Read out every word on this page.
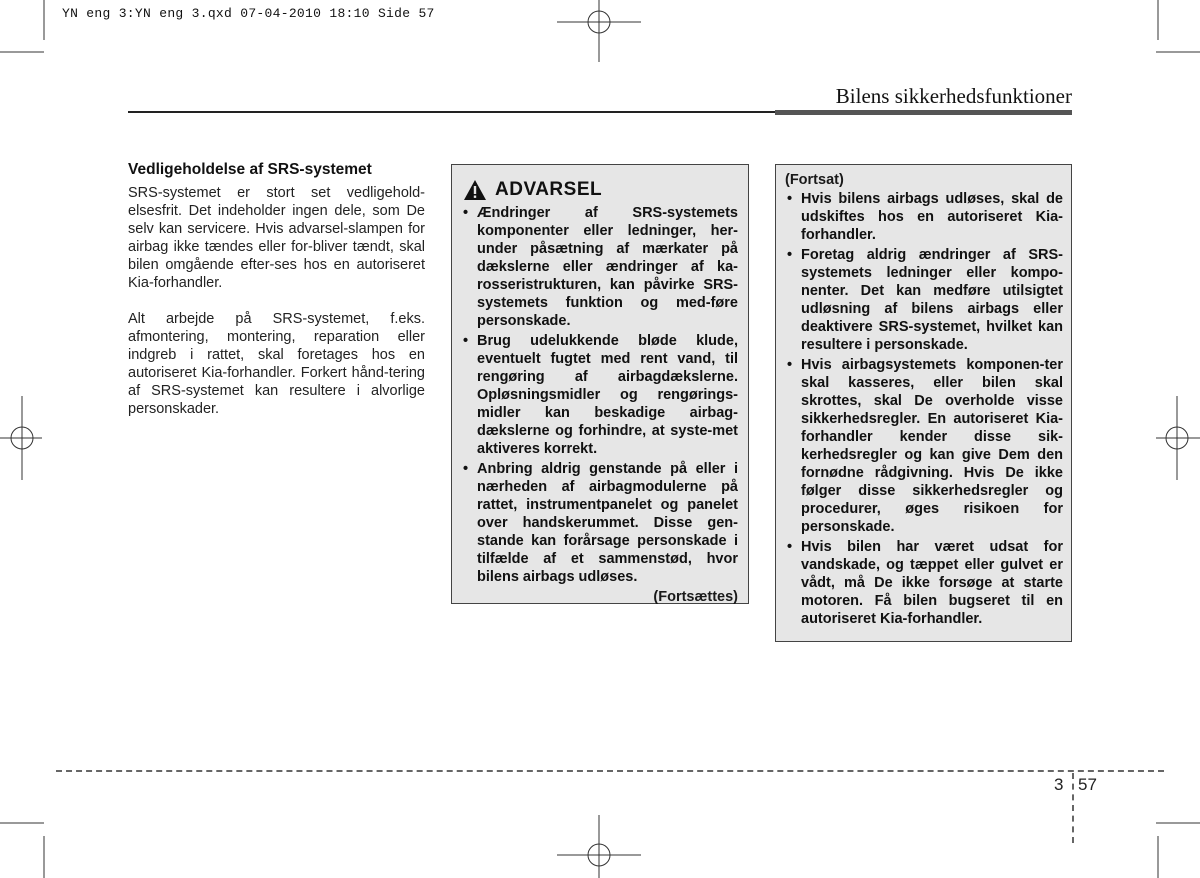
YN eng 3:YN eng 3.qxd 07-04-2010 18:10 Side 57
Bilens sikkerhedsfunktioner
Vedligeholdelse af SRS-systemet

SRS-systemet er stort set vedligehold-elsesfrit. Det indeholder ingen dele, som De selv kan servicere. Hvis advarsel-slampen for airbag ikke tændes eller for-bliver tændt, skal bilen omgående efter-ses hos en autoriseret Kia-forhandler.

Alt arbejde på SRS-systemet, f.eks. afmontering, montering, reparation eller indgreb i rattet, skal foretages hos en autoriseret Kia-forhandler. Forkert hånd-tering af SRS-systemet kan resultere i alvorlige personskader.

ADVARSEL
• Ændringer af SRS-systemets komponenter eller ledninger, her-under påsætning af mærkater på dækslerne eller ændringer af ka-rosseristrukturen, kan påvirke SRS-systemets funktion og med-føre personskade.
• Brug udelukkende bløde klude, eventuelt fugtet med rent vand, til rengøring af airbagdækslerne. Opløsningsmidler og rengørings-midler kan beskadige airbag-dækslerne og forhindre, at syste-met aktiveres korrekt.
• Anbring aldrig genstande på eller i nærheden af airbagmodulerne på rattet, instrumentpanelet og panelet over handskerummet. Disse gen-stande kan forårsage personskade i tilfælde af et sammenstød, hvor bilens airbags udløses.
(Fortsættes)
(Fortsat)
• Hvis bilens airbags udløses, skal de udskiftes hos en autoriseret Kia-forhandler.
• Foretag aldrig ændringer af SRS-systemets ledninger eller kompo-nenter. Det kan medføre utilsigtet udløsning af bilens airbags eller deaktivere SRS-systemet, hvilket kan resultere i personskade.
• Hvis airbagsystemets komponen-ter skal kasseres, eller bilen skal skrottes, skal De overholde visse sikkerhedsregler. En autoriseret Kia-forhandler kender disse sik-kerhedsregler og kan give Dem den fornødne rådgivning. Hvis De ikke følger disse sikkerhedsregler og procedurer, øges risikoen for personskade.
• Hvis bilen har været udsat for vandskade, og tæppet eller gulvet er vådt, må De ikke forsøge at starte motoren. Få bilen bugseret til en autoriseret Kia-forhandler.
3 57
